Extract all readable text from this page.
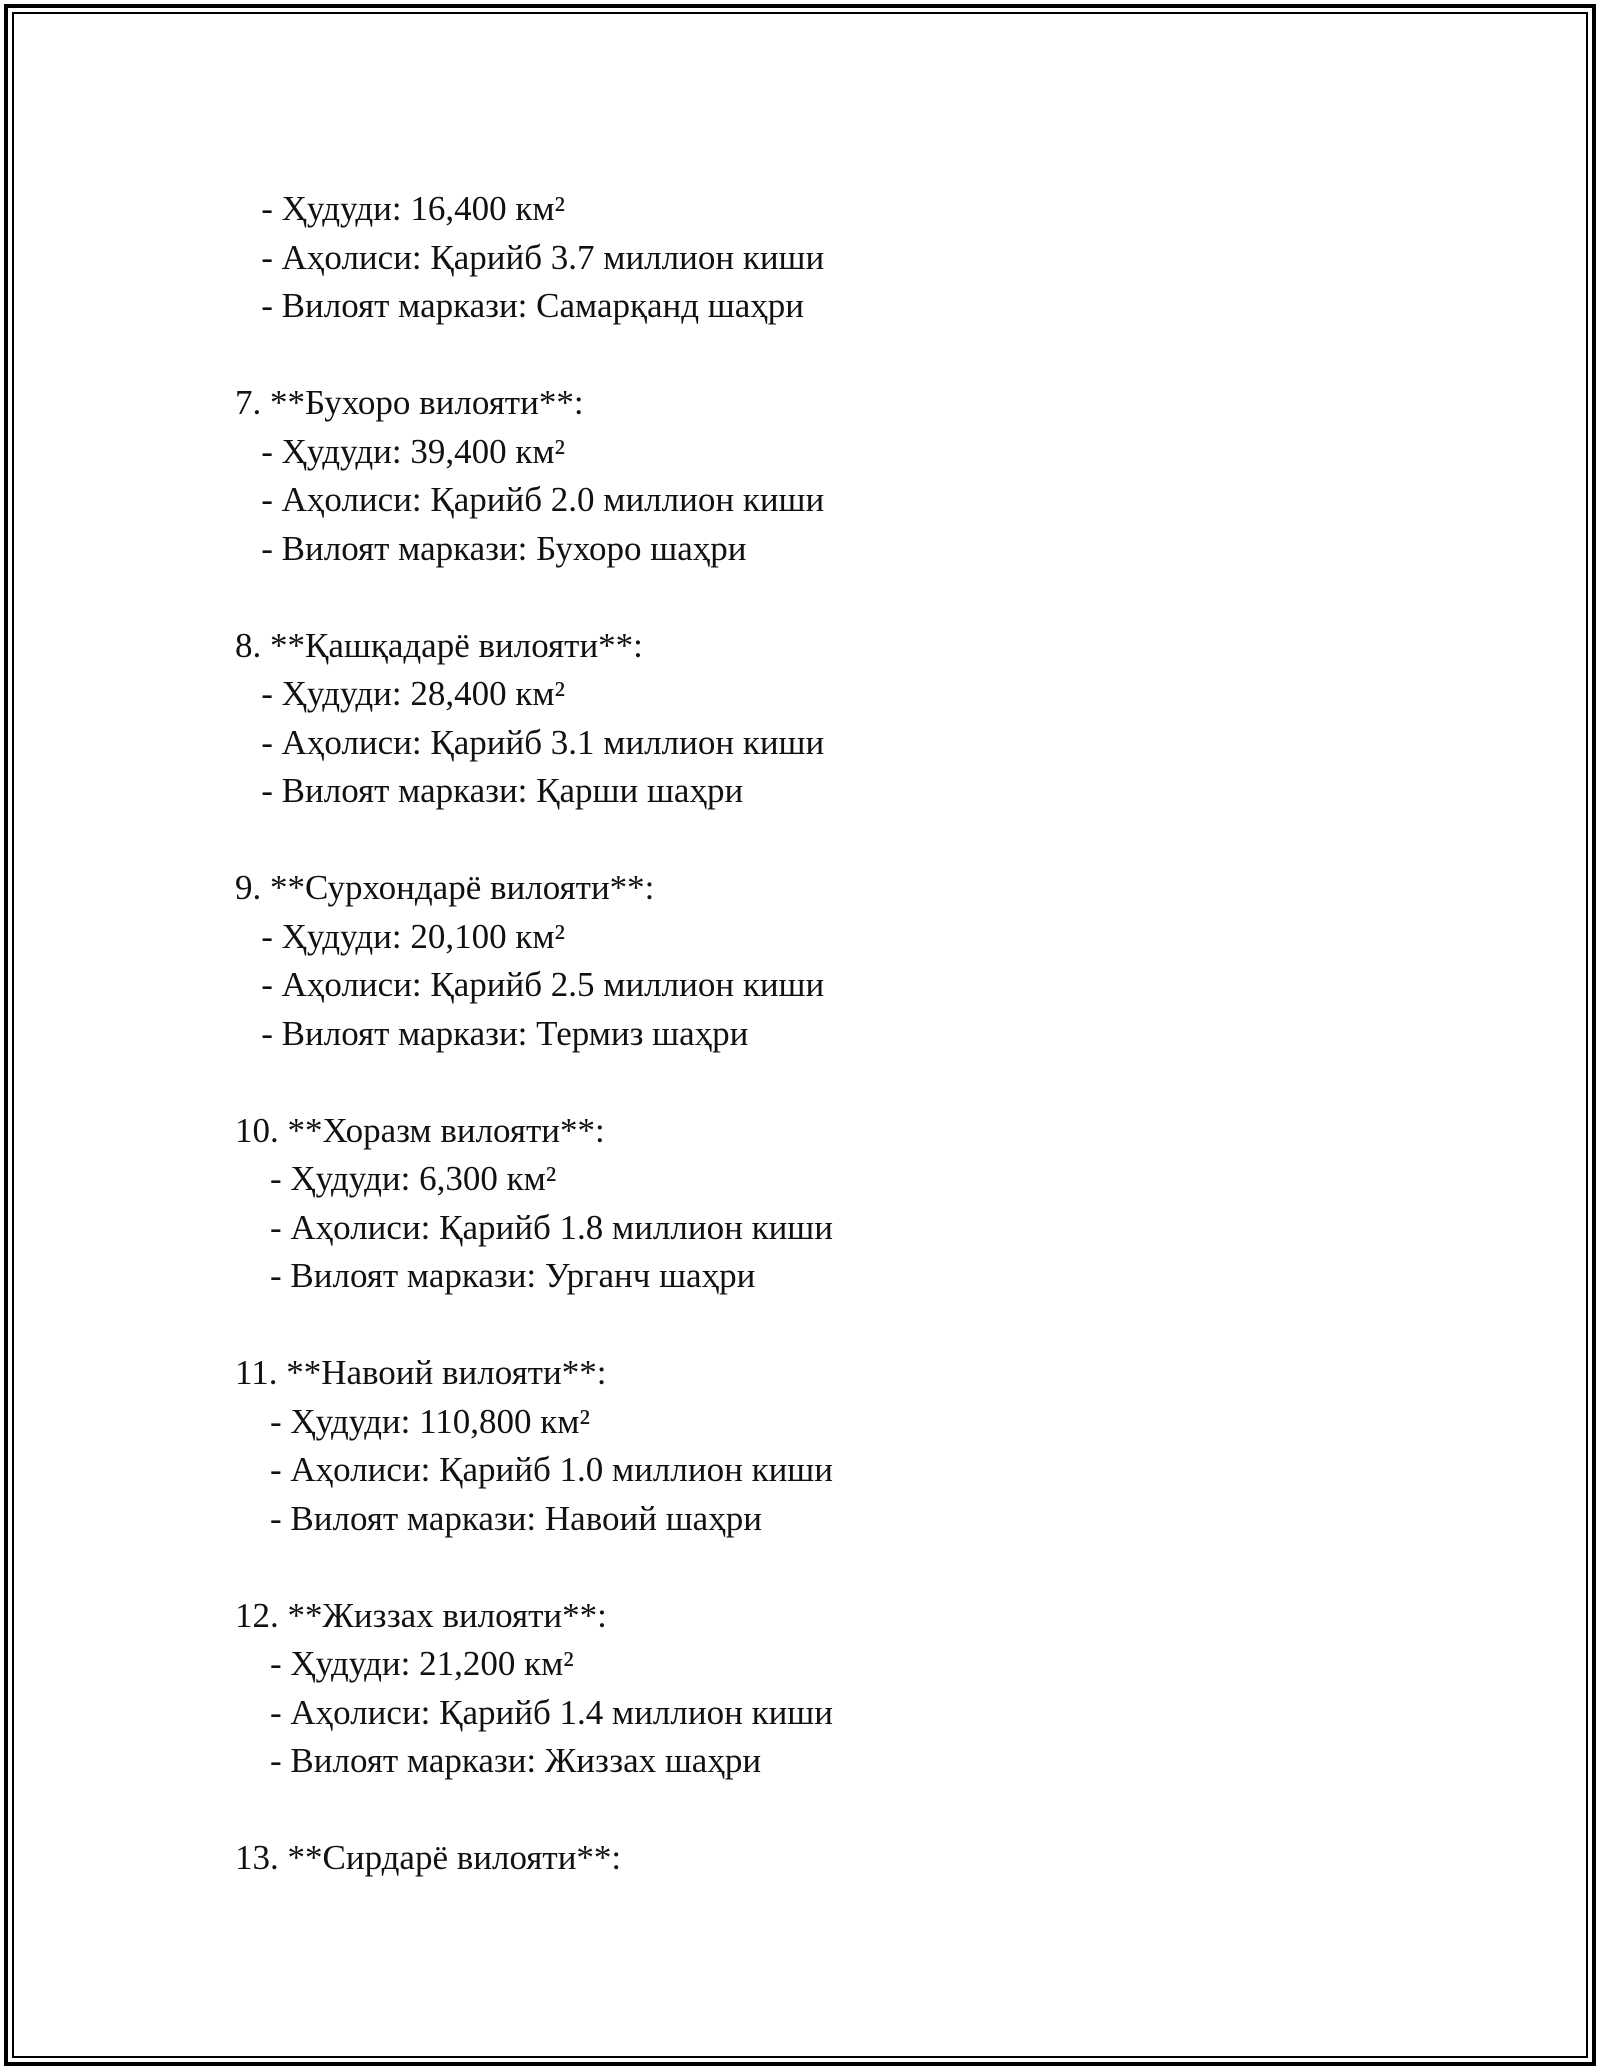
- Ҳудуди: 16,400 км²
- Аҳолиси: Қарийб 3.7 миллион киши
- Вилоят маркази: Самарқанд шаҳри
7. **Бухоро вилояти**:
- Ҳудуди: 39,400 км²
- Аҳолиси: Қарийб 2.0 миллион киши
- Вилоят маркази: Бухоро шаҳри
8. **Қашқадарё вилояти**:
- Ҳудуди: 28,400 км²
- Аҳолиси: Қарийб 3.1 миллион киши
- Вилоят маркази: Қарши шаҳри
9. **Сурхондарё вилояти**:
- Ҳудуди: 20,100 км²
- Аҳолиси: Қарийб 2.5 миллион киши
- Вилоят маркази: Термиз шаҳри
10. **Хоразм вилояти**:
- Ҳудуди: 6,300 км²
- Аҳолиси: Қарийб 1.8 миллион киши
- Вилоят маркази: Урганч шаҳри
11. **Навоий вилояти**:
- Ҳудуди: 110,800 км²
- Аҳолиси: Қарийб 1.0 миллион киши
- Вилоят маркази: Навоий шаҳри
12. **Жиззах вилояти**:
- Ҳудуди: 21,200 км²
- Аҳолиси: Қарийб 1.4 миллион киши
- Вилоят маркази: Жиззах шаҳри
13. **Сирдарё вилояти**:
